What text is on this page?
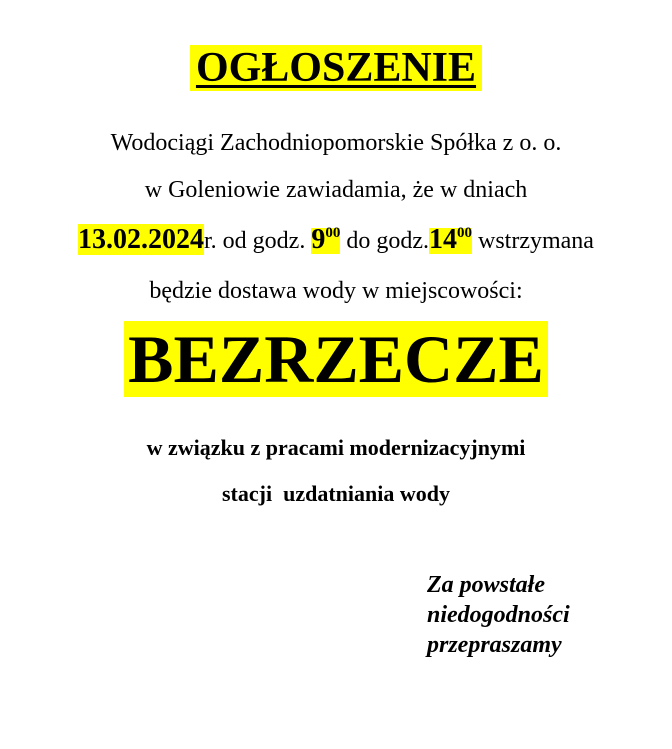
OGŁOSZENIE
Wodociągi Zachodniopomorskie Spółka z o. o.
w Goleniowie zawiadamia, że w dniach
13.02.2024r. od godz. $9^{00}$ do $godz.14^{00}$ wstrzymana
będzie dostawa wody w miejscowości:
BEZRZECZE
w związku z pracami modernizacyjnymi
stacji  uzdatniania wody
Za powstałe
niedogodności
przepraszamy
